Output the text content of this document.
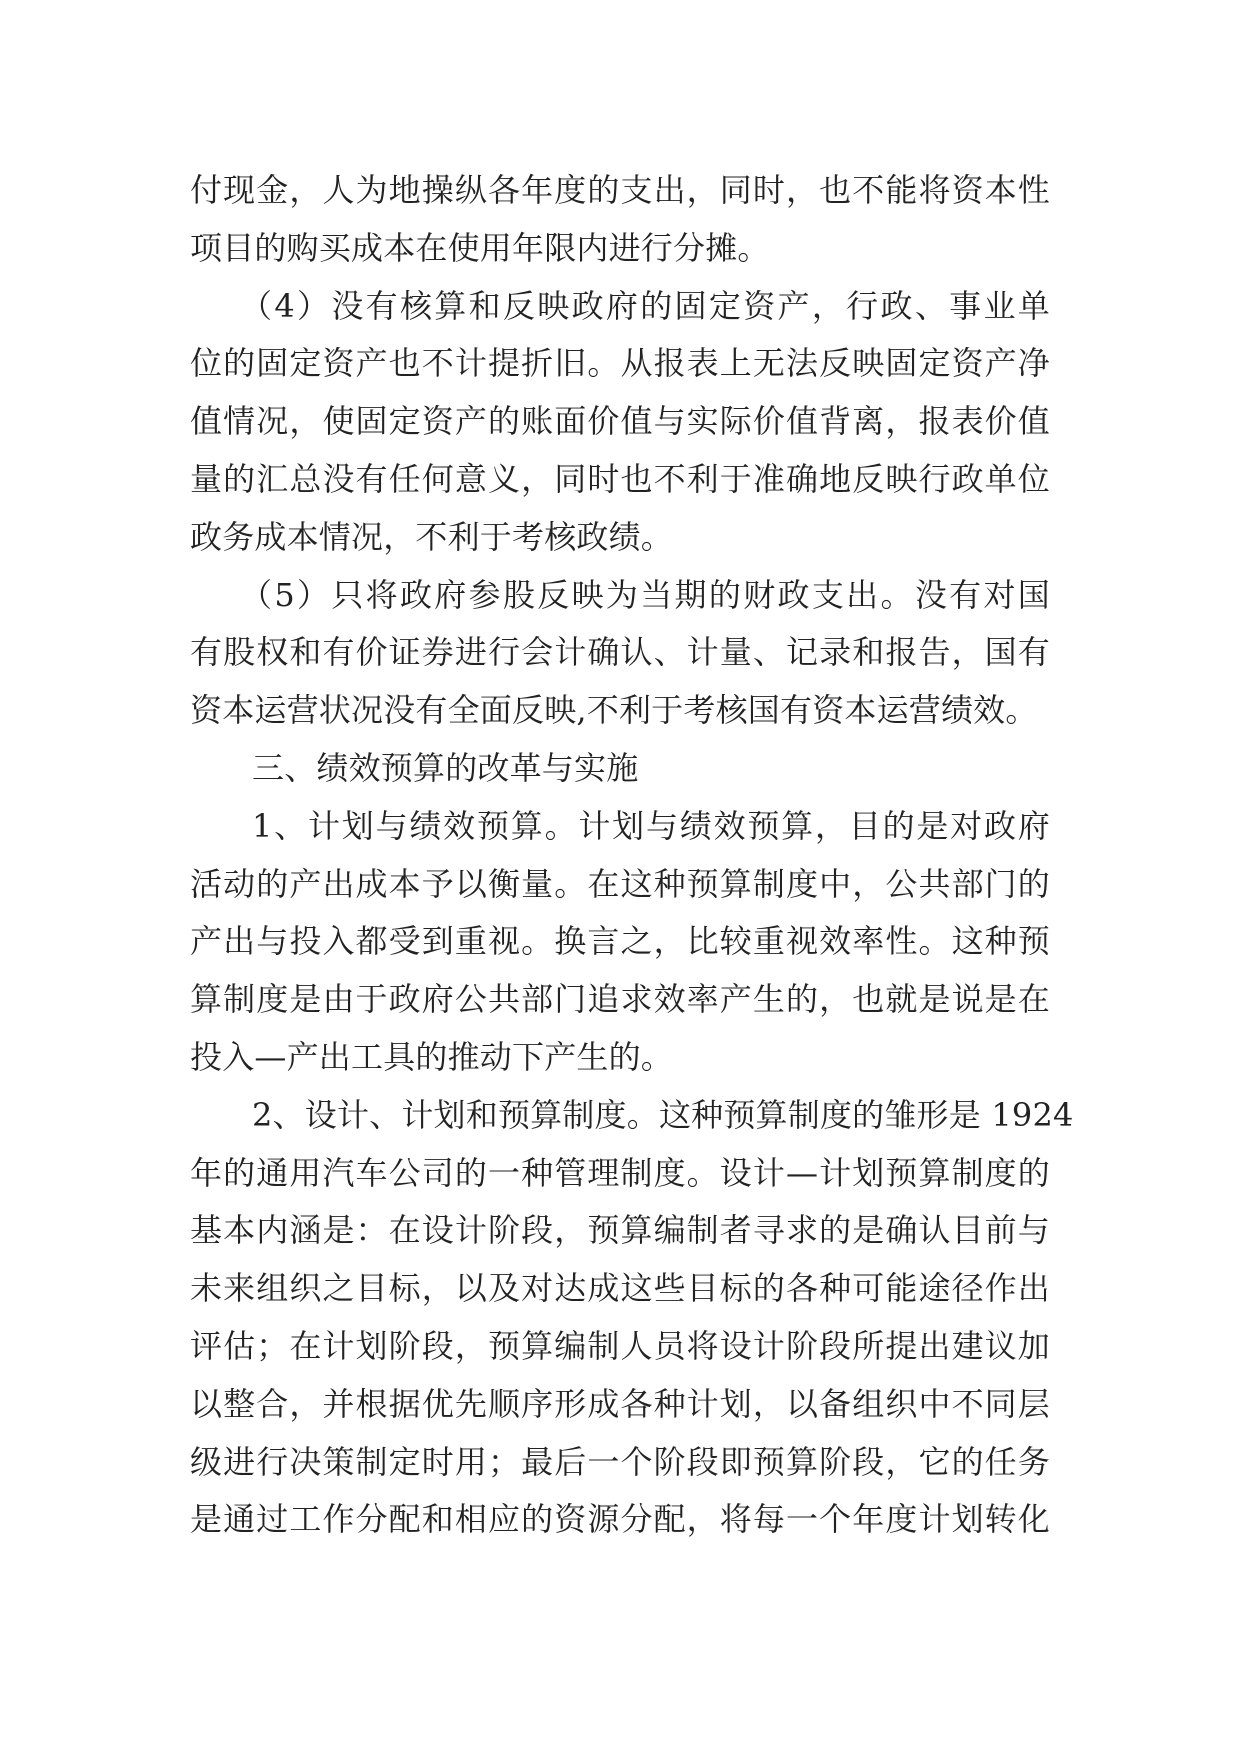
付现金，人为地操纵各年度的支出，同时，也不能将资本性
项目的购买成本在使用年限内进行分摊。
（4）没有核算和反映政府的固定资产，行政、事业单
位的固定资产也不计提折旧。从报表上无法反映固定资产净
值情况，使固定资产的账面价值与实际价值背离，报表价值
量的汇总没有任何意义，同时也不利于准确地反映行政单位
政务成本情况，不利于考核政绩。
（5）只将政府参股反映为当期的财政支出。没有对国
有股权和有价证券进行会计确认、计量、记录和报告，国有
资本运营状况没有全面反映,不利于考核国有资本运营绩效。
三、绩效预算的改革与实施
1、计划与绩效预算。计划与绩效预算，目的是对政府
活动的产出成本予以衡量。在这种预算制度中，公共部门的
产出与投入都受到重视。换言之，比较重视效率性。这种预
算制度是由于政府公共部门追求效率产生的，也就是说是在
投入—产出工具的推动下产生的。
2、设计、计划和预算制度。这种预算制度的雏形是 1924
年的通用汽车公司的一种管理制度。设计—计划预算制度的
基本内涵是：在设计阶段，预算编制者寻求的是确认目前与
未来组织之目标，以及对达成这些目标的各种可能途径作出
评估；在计划阶段，预算编制人员将设计阶段所提出建议加
以整合，并根据优先顺序形成各种计划，以备组织中不同层
级进行决策制定时用；最后一个阶段即预算阶段，它的任务
是通过工作分配和相应的资源分配，将每一个年度计划转化
